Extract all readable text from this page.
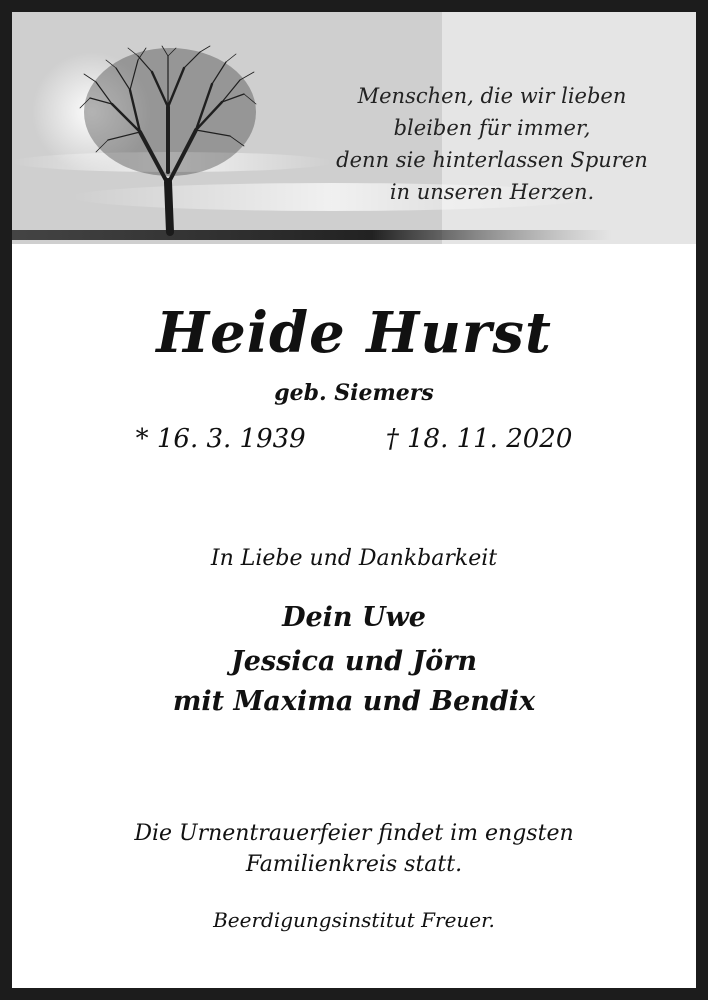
Menschen, die wir lieben
bleiben für immer,
denn sie hinterlassen Spuren
in unseren Herzen.
Heide Hurst
geb. Siemers
* 16. 3. 1939	† 18. 11. 2020
In Liebe und Dankbarkeit
Dein Uwe
Jessica und Jörn
mit Maxima und Bendix
Die Urnentrauerfeier findet im engsten
Familienkreis statt.
Beerdigungsinstitut Freuer.
